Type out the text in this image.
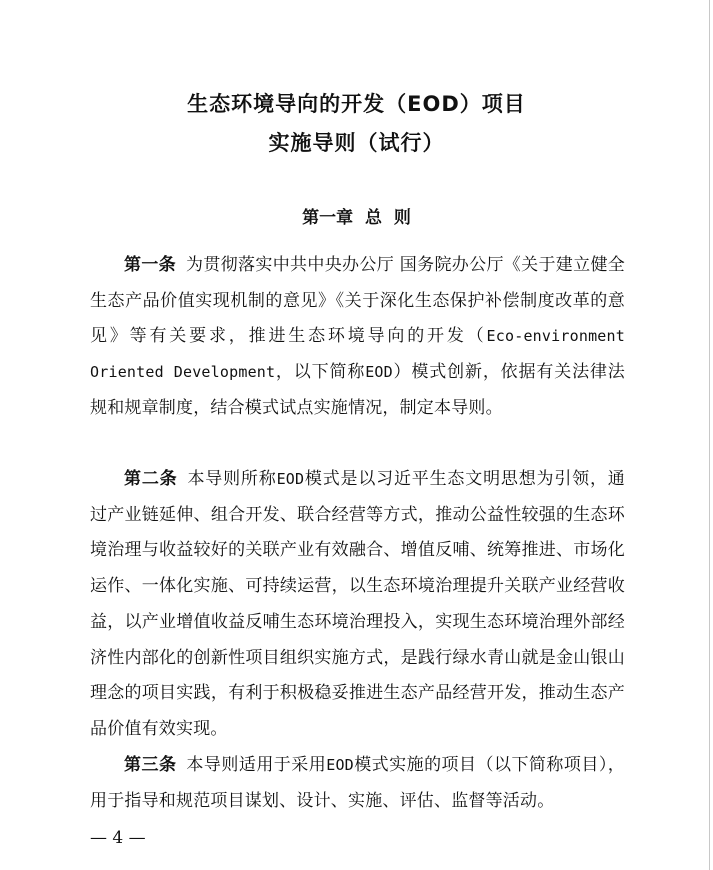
生态环境导向的开发（EOD）项目
实施导则（试行）
第一章  总  则
第一条 为贯彻落实中共中央办公厅 国务院办公厅《关于建立健全生态产品价值实现机制的意见》《关于深化生态保护补偿制度改革的意见》等有关要求，推进生态环境导向的开发（Eco-environment Oriented Development，以下简称EOD）模式创新，依据有关法律法规和规章制度，结合模式试点实施情况，制定本导则。
第二条 本导则所称EOD模式是以习近平生态文明思想为引领，通过产业链延伸、组合开发、联合经营等方式，推动公益性较强的生态环境治理与收益较好的关联产业有效融合、增值反哺、统筹推进、市场化运作、一体化实施、可持续运营，以生态环境治理提升关联产业经营收益，以产业增值收益反哺生态环境治理投入，实现生态环境治理外部经济性内部化的创新性项目组织实施方式，是践行绿水青山就是金山银山理念的项目实践，有利于积极稳妥推进生态产品经营开发，推动生态产品价值有效实现。
第三条 本导则适用于采用EOD模式实施的项目（以下简称项目），用于指导和规范项目谋划、设计、实施、评估、监督等活动。
— 4 —
